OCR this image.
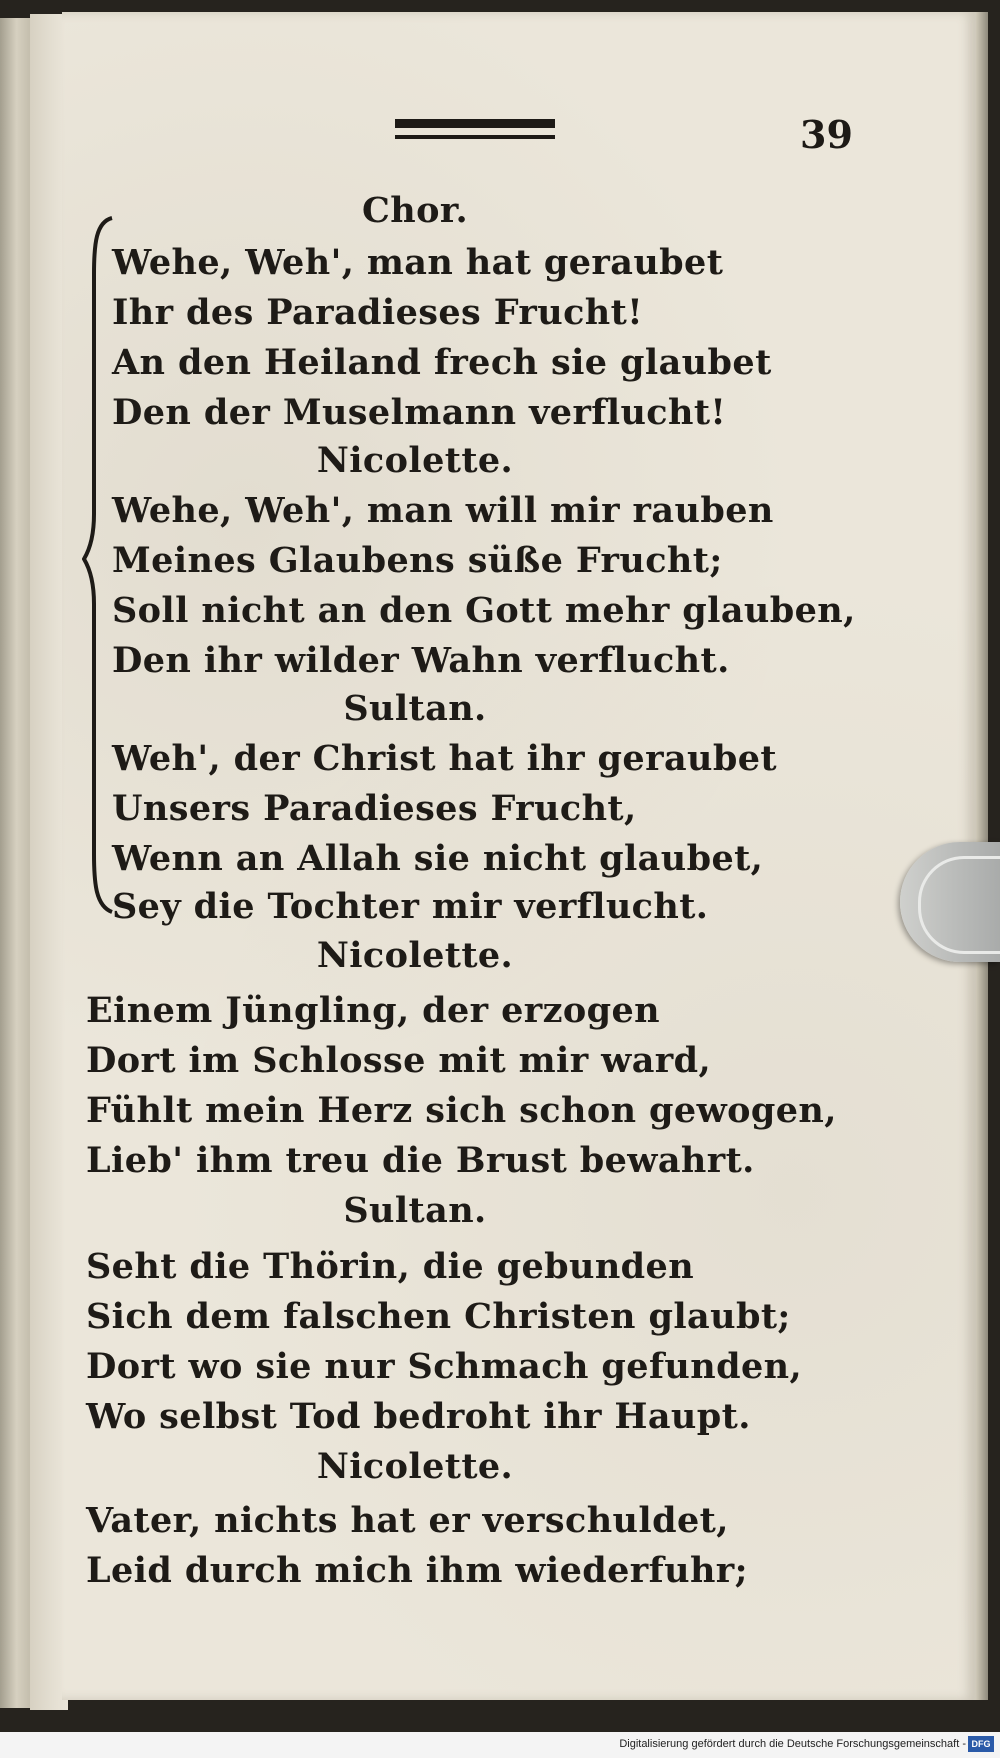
39
Chor.
Wehe, Weh', man hat geraubet
Ihr des Paradieses Frucht!
An den Heiland frech sie glaubet
Den der Muselmann verflucht!
Nicolette.
Wehe, Weh', man will mir rauben
Meines Glaubens süße Frucht;
Soll nicht an den Gott mehr glauben,
Den ihr wilder Wahn verflucht.
Sultan.
Weh', der Christ hat ihr geraubet
Unsers Paradieses Frucht,
Wenn an Allah sie nicht glaubet,
Sey die Tochter mir verflucht.
Nicolette.
Einem Jüngling, der erzogen
Dort im Schlosse mit mir ward,
Fühlt mein Herz sich schon gewogen,
Lieb' ihm treu die Brust bewahrt.
Sultan.
Seht die Thörin, die gebunden
Sich dem falschen Christen glaubt;
Dort wo sie nur Schmach gefunden,
Wo selbst Tod bedroht ihr Haupt.
Nicolette.
Vater, nichts hat er verschuldet,
Leid durch mich ihm wiederfuhr;
Digitalisierung gefördert durch die Deutsche Forschungsgemeinschaft - DFG
